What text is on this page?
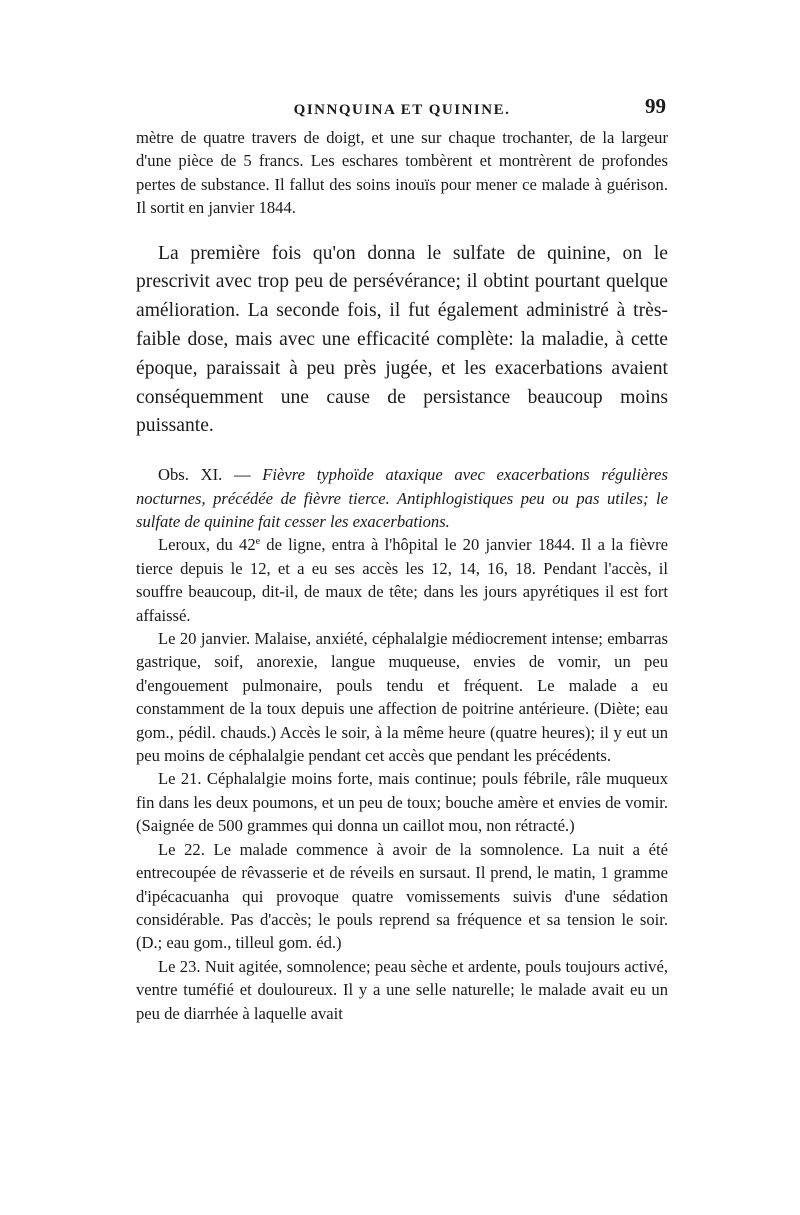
QINNQUINA ET QUININE.	99

mètre de quatre travers de doigt, et une sur chaque trochanter, de la largeur d'une pièce de 5 francs. Les eschares tombèrent et montrèrent de profondes pertes de substance. Il fallut des soins inouïs pour mener ce malade à guérison. Il sortit en janvier 1844.

La première fois qu'on donna le sulfate de quinine, on le prescrivit avec trop peu de persévérance; il obtint pourtant quelque amélioration. La seconde fois, il fut également administré à très-faible dose, mais avec une efficacité complète: la maladie, à cette époque, paraissait à peu près jugée, et les exacerbations avaient conséquemment une cause de persistance beaucoup moins puissante.

Obs. XI. — Fièvre typhoïde ataxique avec exacerbations régulières nocturnes, précédée de fièvre tierce. Antiphlogistiques peu ou pas utiles; le sulfate de quinine fait cesser les exacerbations.

Leroux, du 42e de ligne, entra à l'hôpital le 20 janvier 1844. Il a la fièvre tierce depuis le 12, et a eu ses accès les 12, 14, 16, 18. Pendant l'accès, il souffre beaucoup, dit-il, de maux de tête; dans les jours apyrétiques il est fort affaissé.

Le 20 janvier. Malaise, anxiété, céphalalgie médiocrement intense; embarras gastrique, soif, anorexie, langue muqueuse, envies de vomir, un peu d'engouement pulmonaire, pouls tendu et fréquent. Le malade a eu constamment de la toux depuis une affection de poitrine antérieure. (Diète; eau gom., pédil. chauds.) Accès le soir, à la même heure (quatre heures); il y eut un peu moins de céphalalgie pendant cet accès que pendant les précédents.

Le 21. Céphalalgie moins forte, mais continue; pouls fébrile, râle muqueux fin dans les deux poumons, et un peu de toux; bouche amère et envies de vomir. (Saignée de 500 grammes qui donna un caillot mou, non rétracté.)

Le 22. Le malade commence à avoir de la somnolence. La nuit a été entrecoupée de rêvasserie et de réveils en sursaut. Il prend, le matin, 1 gramme d'ipécacuanha qui provoque quatre vomissements suivis d'une sédation considérable. Pas d'accès; le pouls reprend sa fréquence et sa tension le soir. (D.; eau gom., tilleul gom. éd.)

Le 23. Nuit agitée, somnolence; peau sèche et ardente, pouls toujours activé, ventre tuméfié et douloureux. Il y a une selle naturelle; le malade avait eu un peu de diarrhée à laquelle avait
